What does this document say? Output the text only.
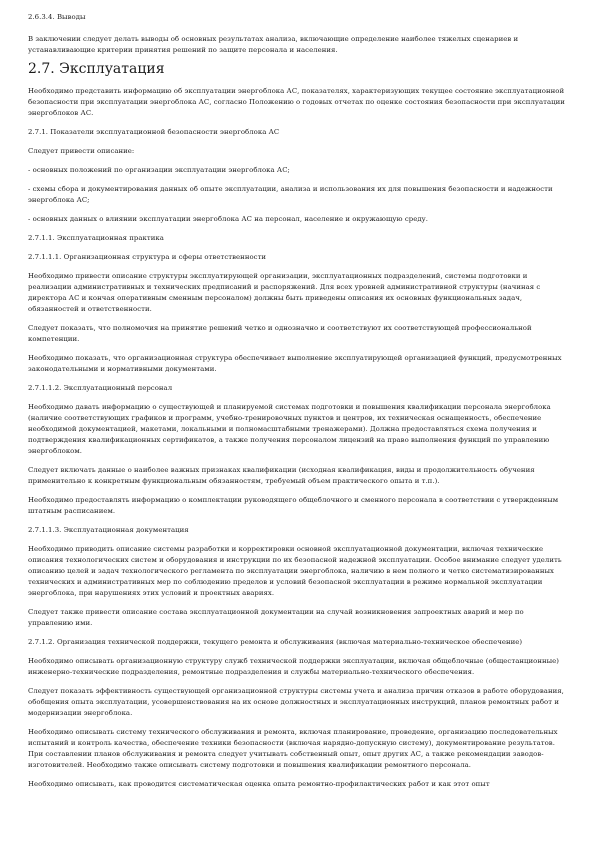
2.6.3.4. Выводы

В заключении следует делать выводы об основных результатах анализа, включающие определение наиболее тяжелых сценариев и устанавливающие критерии принятия решений по защите персонала и населения.

2.7. Эксплуатация

Необходимо представить информацию об эксплуатации энергоблока АС, показателях, характеризующих текущее состояние эксплуатационной безопасности при эксплуатации энергоблока АС, согласно Положению о годовых отчетах по оценке состояния безопасности при эксплуатации энергоблоков АС.

2.7.1. Показатели эксплуатационной безопасности энергоблока АС

Следует привести описание:

- основных положений по организации эксплуатации энергоблока АС;

- схемы сбора и документирования данных об опыте эксплуатации, анализа и использования их для повышения безопасности и надежности энергоблока АС;

- основных данных о влиянии эксплуатации энергоблока АС на персонал, население и окружающую среду.

2.7.1.1. Эксплуатационная практика

2.7.1.1.1. Организационная структура и сферы ответственности

Необходимо привести описание структуры эксплуатирующей организации, эксплуатационных подразделений, системы подготовки и реализации административных и технических предписаний и распоряжений. Для всех уровней административной структуры (начиная с директора АС и кончая оперативным сменным персоналом) должны быть приведены описания их основных функциональных задач, обязанностей и ответственности.

Следует показать, что полномочия на принятие решений четко и однозначно и соответствуют их соответствующей профессиональной компетенции.

Необходимо показать, что организационная структура обеспечивает выполнение эксплуатирующей организацией функций, предусмотренных законодательными и нормативными документами.

2.7.1.1.2. Эксплуатационный персонал

Необходимо давать информацию о существующей и планируемой системах подготовки и повышения квалификации персонала энергоблока (наличие соответствующих графиков и программ, учебно-тренировочных пунктов и центров, их техническая оснащенность, обеспечение необходимой документацией, макетами, локальными и полномасштабными тренажерами). Должна предоставляться схема получения и подтверждения квалификационных сертификатов, а также получения персоналом лицензий на право выполнения функций по управлению энергоблоком.

Следует включать данные о наиболее важных признаках квалификации (исходная квалификация, виды и продолжительность обучения применительно к конкретным функциональным обязанностям, требуемый объем практического опыта и т.п.).

Необходимо предоставлять информацию о комплектации руководящего общеблочного и сменного персонала в соответствии с утвержденным штатным расписанием.

2.7.1.1.3. Эксплуатационная документация

Необходимо приводить описание системы разработки и корректировки основной эксплуатационной документации, включая технические описания технологических систем и оборудования и инструкции по их безопасной надежной эксплуатации. Особое внимание следует уделить описанию целей и задач технологического регламента по эксплуатации энергоблока, наличию в нем полного и четко систематизированных технических и административных мер по соблюдению пределов и условий безопасной эксплуатации в режиме нормальной эксплуатации энергоблока, при нарушениях этих условий и проектных авариях.

Следует также привести описание состава эксплуатационной документации на случай возникновения запроектных аварий и мер по управлению ими.

2.7.1.2. Организация технической поддержки, текущего ремонта и обслуживания (включая материально-техническое обеспечение)

Необходимо описывать организационную структуру служб технической поддержки эксплуатации, включая общеблочные (общестанционные) инженерно-технические подразделения, ремонтные подразделения и службы материально-технического обеспечения.

Следует показать эффективность существующей организационной структуры системы учета и анализа причин отказов в работе оборудования, обобщения опыта эксплуатации, усовершенствования на их основе должностных и эксплуатационных инструкций, планов ремонтных работ и модернизации энергоблока.

Необходимо описывать систему технического обслуживания и ремонта, включая планирование, проведение, организацию последовательных испытаний и контроль качества, обеспечение техники безопасности (включая нарядно-допускную систему), документирование результатов. При составлении планов обслуживания и ремонта следует учитывать собственный опыт, опыт других АС, а также рекомендации заводов-изготовителей. Необходимо также описывать систему подготовки и повышения квалификации ремонтного персонала.

Необходимо описывать, как проводится систематическая оценка опыта ремонтно-профилактических работ и как этот опыт
